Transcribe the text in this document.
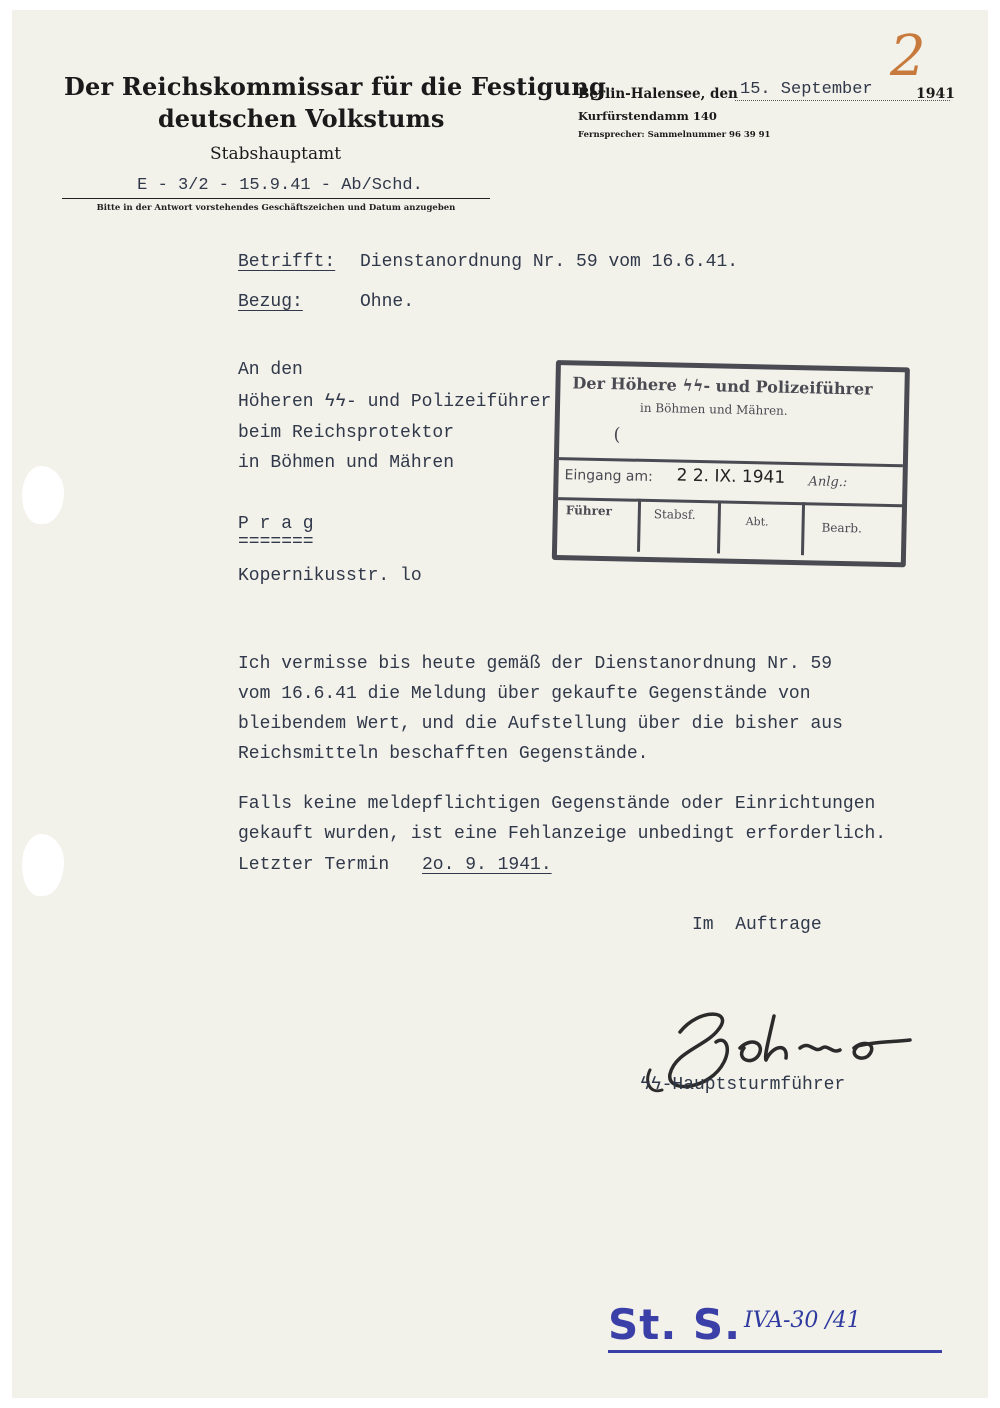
2
Der Reichskommissar für die Festigung
deutschen Volkstums
Stabshauptamt
E - 3/2 - 15.9.41 - Ab/Schd.
Bitte in der Antwort vorstehendes Geschäftszeichen und Datum anzugeben
Berlin-Halensee, den 15. September	1941
Kurfürstendamm 140
Fernsprecher: Sammelnummer 96 39 91
Betrifft: Dienstanordnung Nr. 59 vom 16.6.41.
Bezug:	Ohne.
An den
Höheren ϟϟ- und Polizeiführer
beim Reichsprotektor
in Böhmen und Mähren
P r a g
=======
Kopernikusstr. lo
Der Höhere ϟϟ- und Polizeiführer
in Böhmen und Mähren.
(
Eingang am: 2 2. IX. 1941 Anlg.:
Führer	Stabsf.	Abt.	Bearb.
Ich vermisse bis heute gemäß der Dienstanordnung Nr. 59
vom 16.6.41 die Meldung über gekaufte Gegenstände von
bleibendem Wert, und die Aufstellung über die bisher aus
Reichsmitteln beschafften Gegenstände.
Falls keine meldepflichtigen Gegenstände oder Einrichtungen
gekauft wurden, ist eine Fehlanzeige unbedingt erforderlich.
Letzter Termin 2o. 9. 1941.
Im  Auftrage
ϟϟ-Hauptsturmführer
St. S. IVA-30 /41
